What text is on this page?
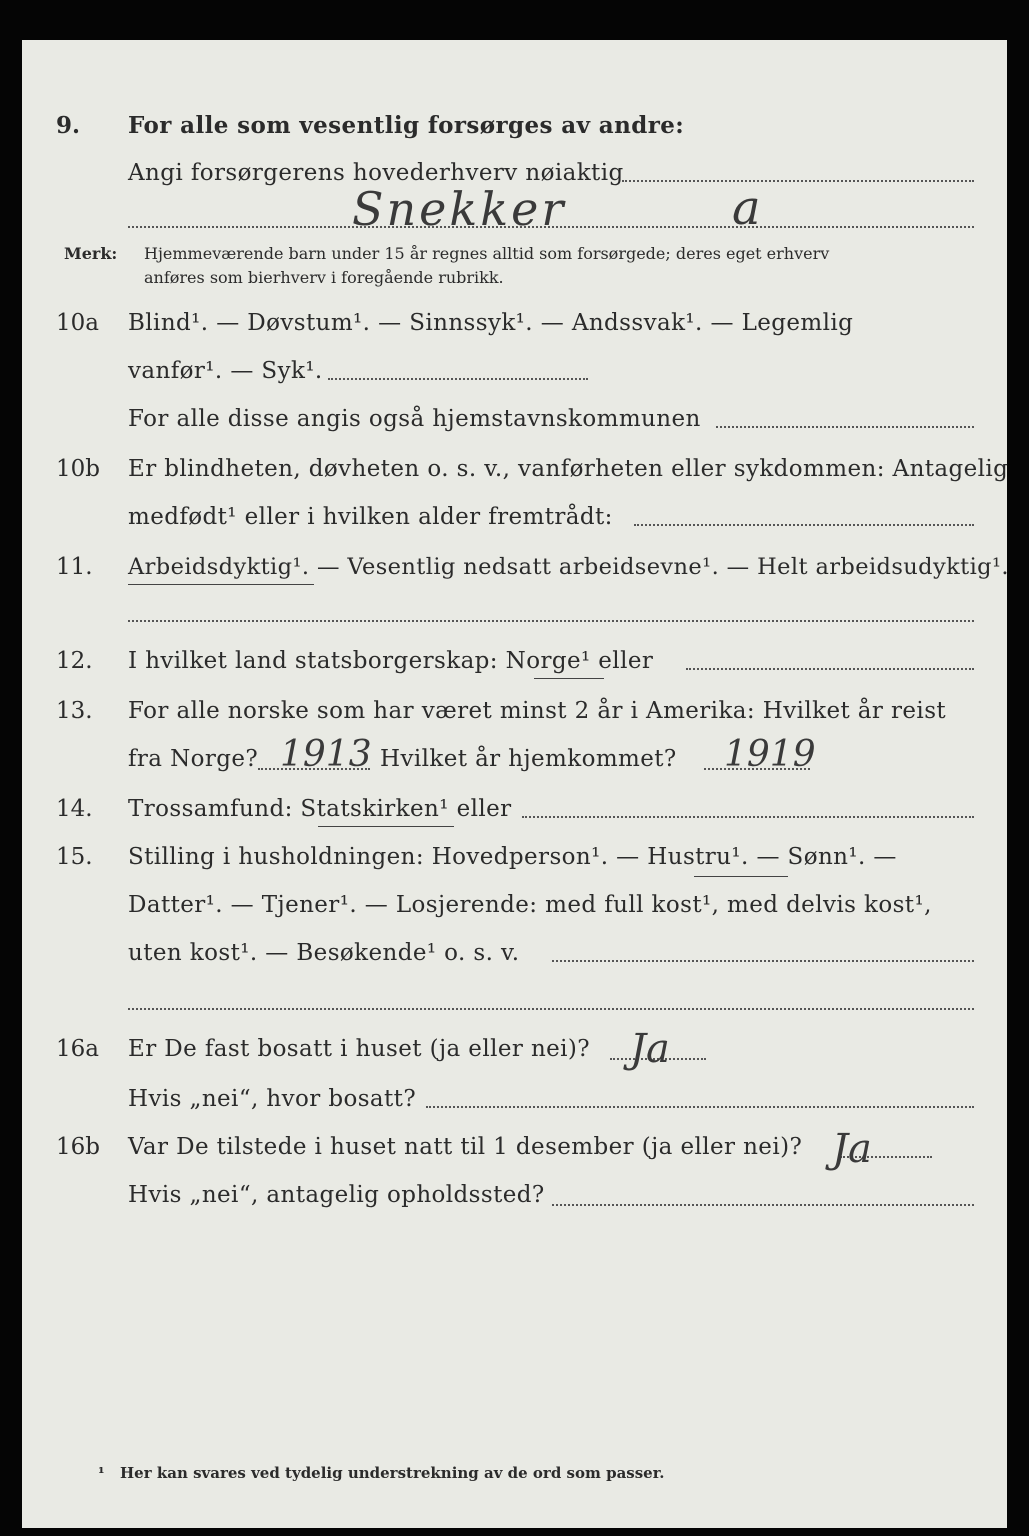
9. For alle som vesentlig forsørges av andre:
Angi forsørgerens hovederhverv nøiaktig
Snekker	a
Merk: Hjemmeværende barn under 15 år regnes alltid som forsørgede; deres eget erhverv
anføres som bierhverv i foregående rubrikk.
10a Blind¹. — Døvstum¹. — Sinnssyk¹. — Andssvak¹. — Legemlig
vanfør¹. — Syk¹.
For alle disse angis også hjemstavnskommunen
10b Er blindheten, døvheten o. s. v., vanførheten eller sykdommen: Antagelig
medfødt¹ eller i hvilken alder fremtrådt:
11. Arbeidsdyktig¹. — Vesentlig nedsatt arbeidsevne¹. — Helt arbeidsudyktig¹.
12. I hvilket land statsborgerskap: Norge¹ eller
13. For alle norske som har været minst 2 år i Amerika: Hvilket år reist
fra Norge? 1913 Hvilket år hjemkommet? 1919
14. Trossamfund: Statskirken¹ eller
15. Stilling i husholdningen: Hovedperson¹. — Hustru¹. — Sønn¹. —
Datter¹. — Tjener¹. — Losjerende: med full kost¹, med delvis kost¹,
uten kost¹. — Besøkende¹ o. s. v.
16a Er De fast bosatt i huset (ja eller nei)? Ja
Hvis „nei“, hvor bosatt?
16b Var De tilstede i huset natt til 1 desember (ja eller nei)? Ja
Hvis „nei“, antagelig opholdssted?
¹ Her kan svares ved tydelig understrekning av de ord som passer.
